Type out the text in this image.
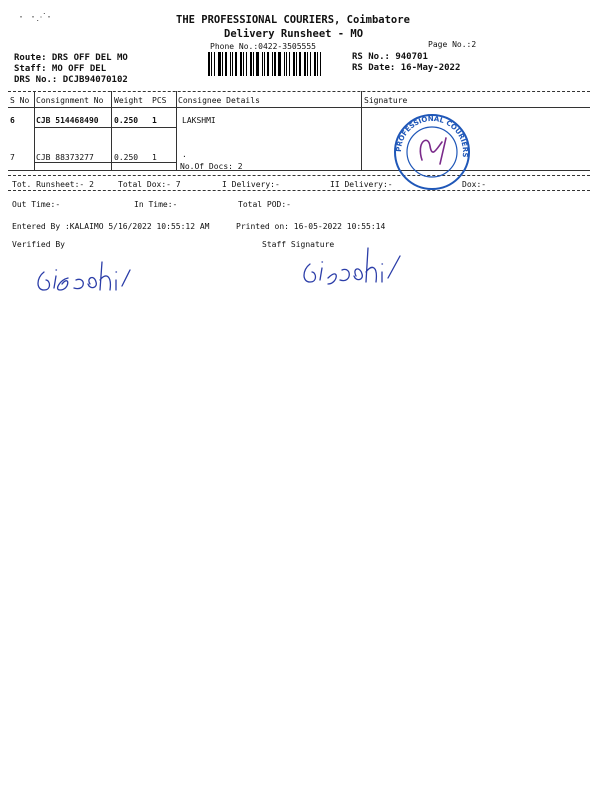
· ·⋰·	THE PROFESSIONAL COURIERS, Coimbatore
Delivery Runsheet - MO
Phone No.:0422-3505555	Page No.:2
Route: DRS OFF DEL MO
Staff: MO OFF DEL
DRS No.: DCJB94070102
RS No.: 940701
RS Date: 16-May-2022
S No Consignment No Weight PCS Consignee Details	Signature
6	CJB 514468490 0.250 1	LAKSHMI
7	CJB 88373277	0.250 1	.
No.Of Docs: 2
Tot. Runsheet:- 2	Total Dox:- 7	I Delivery:-	II Delivery:-	Dox:-
Out Time:-	In Time:-	Total POD:-
Entered By :KALAIMO 5/16/2022 10:55:12 AM	Printed on: 16-05-2022 10:55:14
Verified By	Staff Signature
PROFESSIONAL COURIERS
